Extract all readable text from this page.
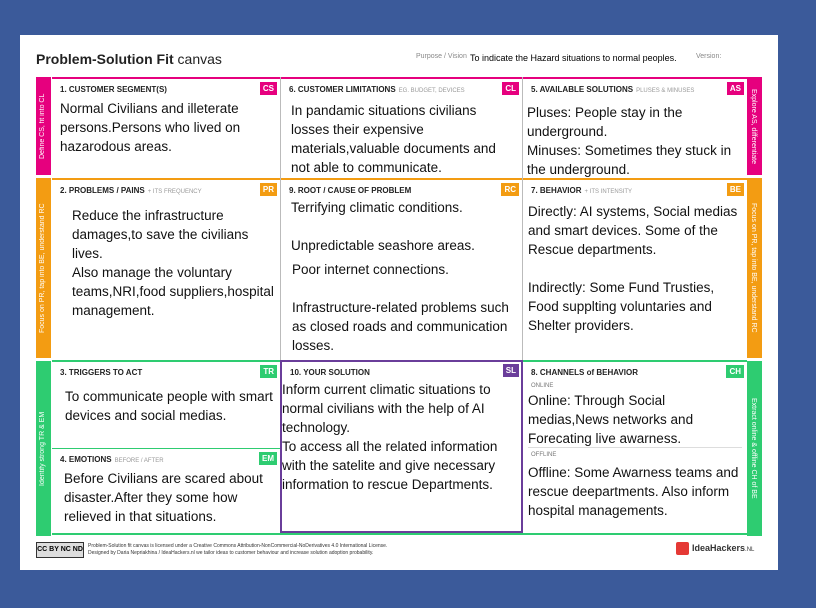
Problem-Solution Fit canvas	Purpose / Vision To indicate the Hazard situations to normal peoples.	Version:
Define CS, fit into CL
Focus on PR, tap into BE, understand RC
Identify strong TR & EM
Explore AS, differentiate
Focus on PR, tap into BE, understand RC
Extract online & offline CH of BE
1. CUSTOMER SEGMENT(S)	CS
Normal Civilians and illeterate persons.Persons who lived on hazarodous areas.
6. CUSTOMER LIMITATIONS EG. BUDGET, DEVICES	CL
In pandamic situations civilians losses their expensive materials,valuable documents and not able to communicate.
5. AVAILABLE SOLUTIONS PLUSES & MINUSES	AS
Pluses: People stay in the underground.
Minuses: Sometimes they stuck in the underground.
2. PROBLEMS / PAINS + ITS FREQUENCY	PR
Reduce the infrastructure damages,to save the civilians lives.
Also manage the voluntary teams,NRI,food suppliers,hospital management.
9. ROOT / CAUSE OF PROBLEM	RC
Terrifying climatic conditions.
Unpredictable seashore areas.
Poor internet connections.
Infrastructure-related problems such as closed roads and communication losses.
7. BEHAVIOR + ITS INTENSITY	BE
Directly: AI systems, Social medias and smart devices. Some of the Rescue departments.

Indirectly: Some Fund Trusties, Food supplting voluntaries and Shelter providers.
3. TRIGGERS TO ACT	TR
To communicate people with smart devices and social medias.
4. EMOTIONS BEFORE / AFTER	EM
Before Civilians are scared about disaster.After they some how relieved in that situations.
10. YOUR SOLUTION	SL
Inform current climatic situations to normal civilians with the help of AI technology.
To access all the related information with the satelite and give necessary information to rescue Departments.
8. CHANNELS of BEHAVIOR	CH
ONLINE
Online: Through Social medias,News networks and Forecating live awarness.
OFFLINE
Offline: Some Awarness teams and rescue deepartments. Also inform hospital managements.
CC BY NC ND Problem-Solution fit canvas is licensed under a Creative Commons Attribution-NonCommercial-NoDerivatives 4.0 International License.
Designed by Daria Nepriakhina / IdeaHackers.nl we tailor ideas to customer behaviour and increase solution adoption probability.
IdeaHackers.NL
